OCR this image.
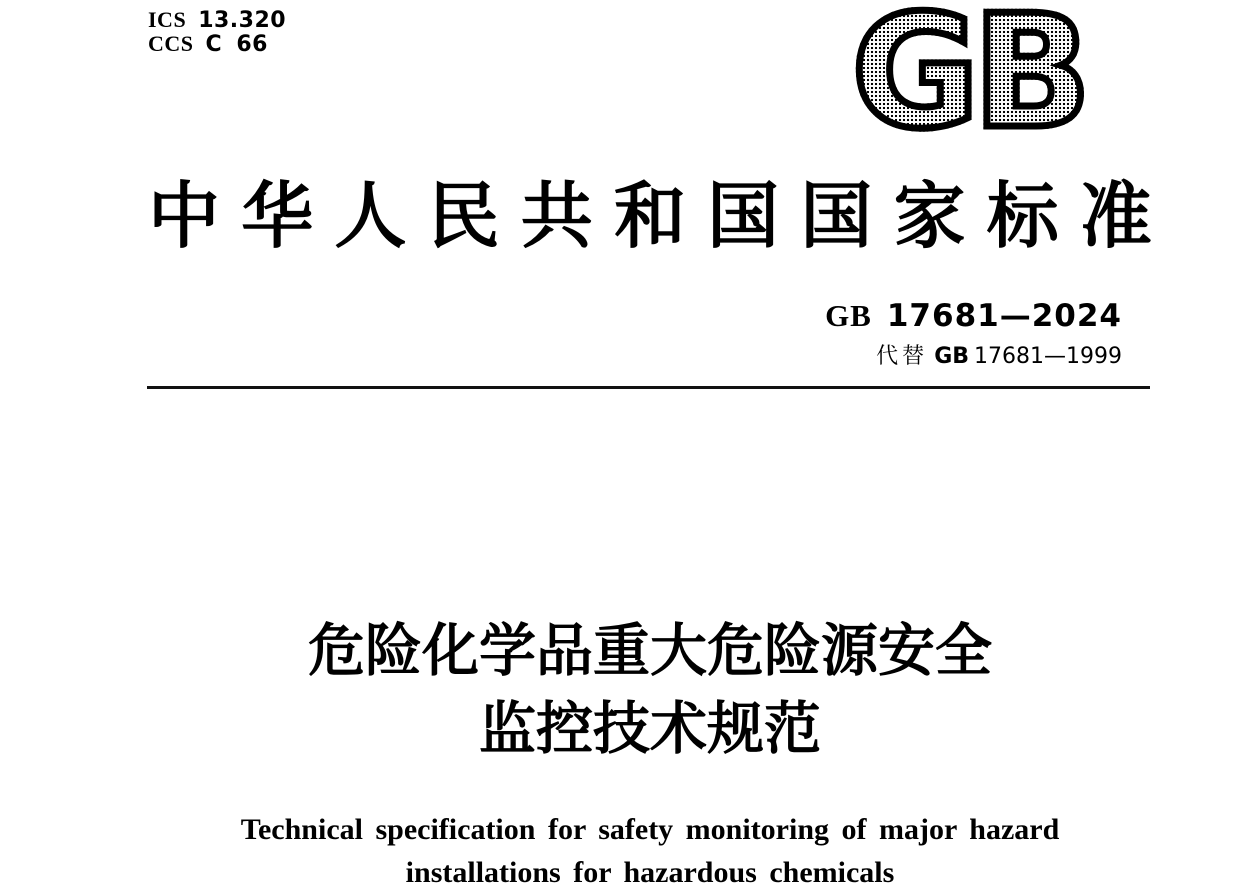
ICS 13.320
CCS C 66	GB
中 华 人 民 共 和 国 国 家 标 准
GB 17681—2024
代替 GB 17681—1999
危险化学品重大危险源安全
监控技术规范
Technical specification for safety monitoring of major hazard
installations for hazardous chemicals
